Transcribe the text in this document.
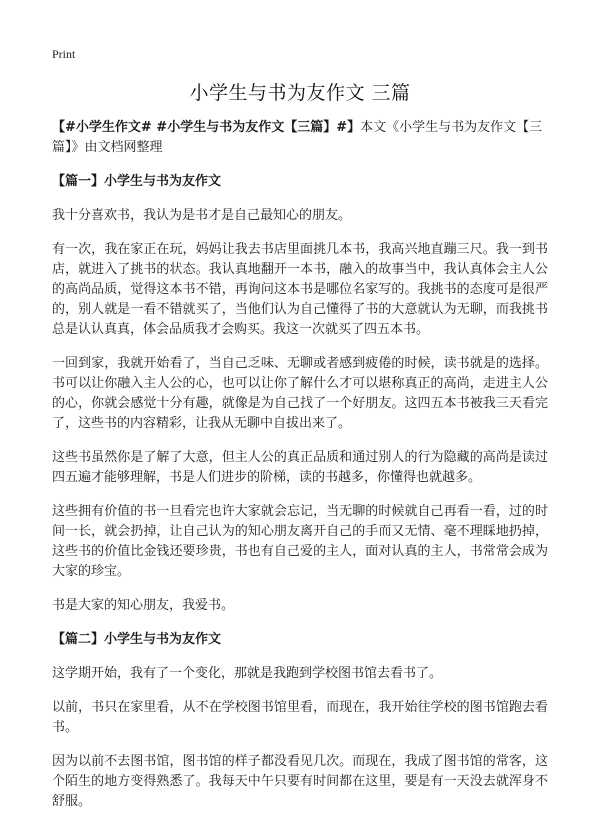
Print
小学生与书为友作文 三篇

【#小学生作文# #小学生与书为友作文【三篇】#】本文《小学生与书为友作文【三篇】》由文档网整理

【篇一】小学生与书为友作文

我十分喜欢书，我认为是书才是自己最知心的朋友。

有一次，我在家正在玩，妈妈让我去书店里面挑几本书，我高兴地直蹦三尺。我一到书店，就进入了挑书的状态。我认真地翻开一本书，融入的故事当中，我认真体会主人公的高尚品质，觉得这本书不错，再询问这本书是哪位名家写的。我挑书的态度可是很严的，别人就是一看不错就买了，当他们认为自己懂得了书的大意就认为无聊，而我挑书总是认认真真，体会品质我才会购买。我这一次就买了四五本书。

一回到家，我就开始看了，当自己乏味、无聊或者感到疲倦的时候，读书就是的选择。书可以让你融入主人公的心，也可以让你了解什么才可以堪称真正的高尚，走进主人公的心，你就会感觉十分有趣，就像是为自己找了一个好朋友。这四五本书被我三天看完了，这些书的内容精彩，让我从无聊中自拔出来了。

这些书虽然你是了解了大意，但主人公的真正品质和通过别人的行为隐藏的高尚是读过四五遍才能够理解，书是人们进步的阶梯，读的书越多，你懂得也就越多。

这些拥有价值的书一旦看完也许大家就会忘记，当无聊的时候就自己再看一看，过的时间一长，就会扔掉，让自己认为的知心朋友离开自己的手而又无情、毫不理睬地扔掉，这些书的价值比金钱还要珍贵，书也有自己爱的主人，面对认真的主人，书常常会成为大家的珍宝。

书是大家的知心朋友，我爱书。

【篇二】小学生与书为友作文

这学期开始，我有了一个变化，那就是我跑到学校图书馆去看书了。

以前，书只在家里看，从不在学校图书馆里看，而现在，我开始往学校的图书馆跑去看书。

因为以前不去图书馆，图书馆的样子都没看见几次。而现在，我成了图书馆的常客，这个陌生的地方变得熟悉了。我每天中午只要有时间都在这里，要是有一天没去就浑身不舒服。
